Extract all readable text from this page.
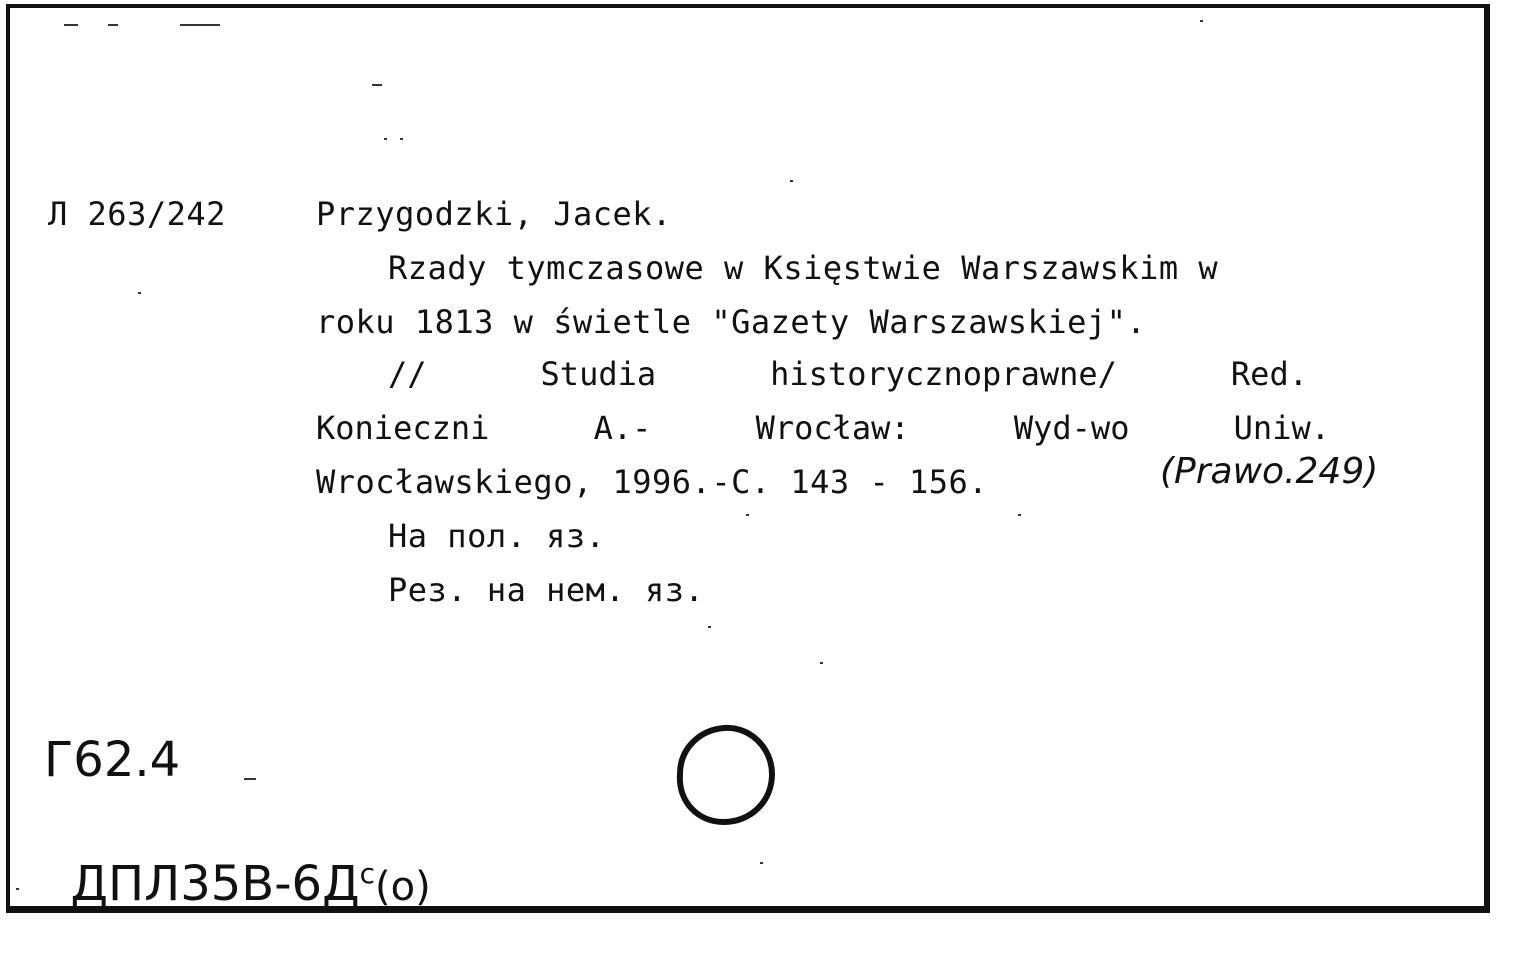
Л 263/242	Przygodzki, Jacek.
Rzady tymczasowe w Księstwie Warszawskim w
roku 1813 w świetle "Gazety Warszawskiej".
//	Studia	historycznoprawne/	Red.
Konieczni	A.-	Wrocław:	Wyd-wo	Uniw.
Wrocławskiego, 1996.-C. 143 - 156.	(Prawo.249)
На пол. яз.
Рез. на нем. яз.
Г62.4

$ДПЛ35В-6Д^с(о)$
